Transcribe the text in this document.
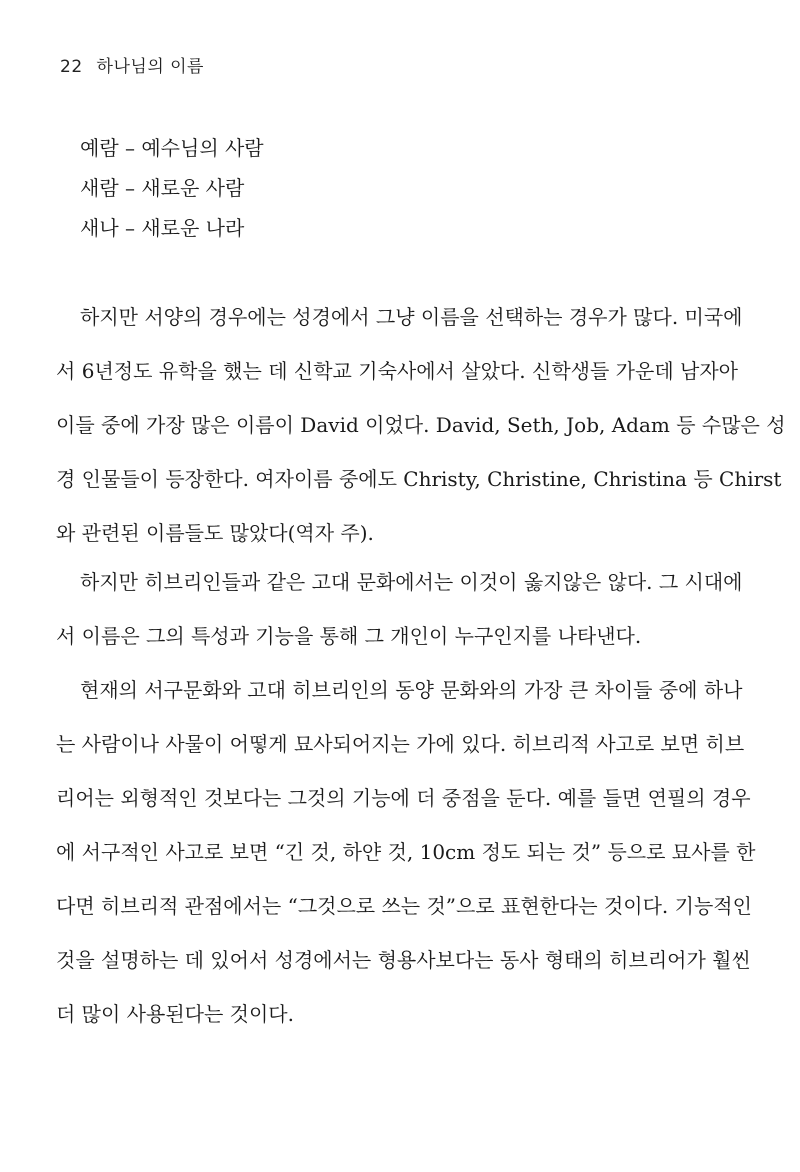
22 하나님의 이름
예람 – 예수님의 사람
새람 – 새로운 사람
새나 – 새로운 나라
하지만 서양의 경우에는 성경에서 그냥 이름을 선택하는 경우가 많다. 미국에
서 6년정도 유학을 했는 데 신학교 기숙사에서 살았다. 신학생들 가운데 남자아
이들 중에 가장 많은 이름이 David 이었다. David, Seth, Job, Adam 등 수많은 성
경 인물들이 등장한다. 여자이름 중에도 Christy, Christine, Christina 등 Chirst
와 관련된 이름들도 많았다(역자 주).
하지만 히브리인들과 같은 고대 문화에서는 이것이 옳지않은 않다. 그 시대에
서 이름은 그의 특성과 기능을 통해 그 개인이 누구인지를 나타낸다.
현재의 서구문화와 고대 히브리인의 동양 문화와의 가장 큰 차이들 중에 하나
는 사람이나 사물이 어떻게 묘사되어지는 가에 있다. 히브리적 사고로 보면 히브
리어는 외형적인 것보다는 그것의 기능에 더 중점을 둔다. 예를 들면 연필의 경우
에 서구적인 사고로 보면 “긴 것, 하얀 것, 10cm 정도 되는 것” 등으로 묘사를 한
다면 히브리적 관점에서는 “그것으로 쓰는 것”으로 표현한다는 것이다. 기능적인
것을 설명하는 데 있어서 성경에서는 형용사보다는 동사 형태의 히브리어가 훨씬
더 많이 사용된다는 것이다.
